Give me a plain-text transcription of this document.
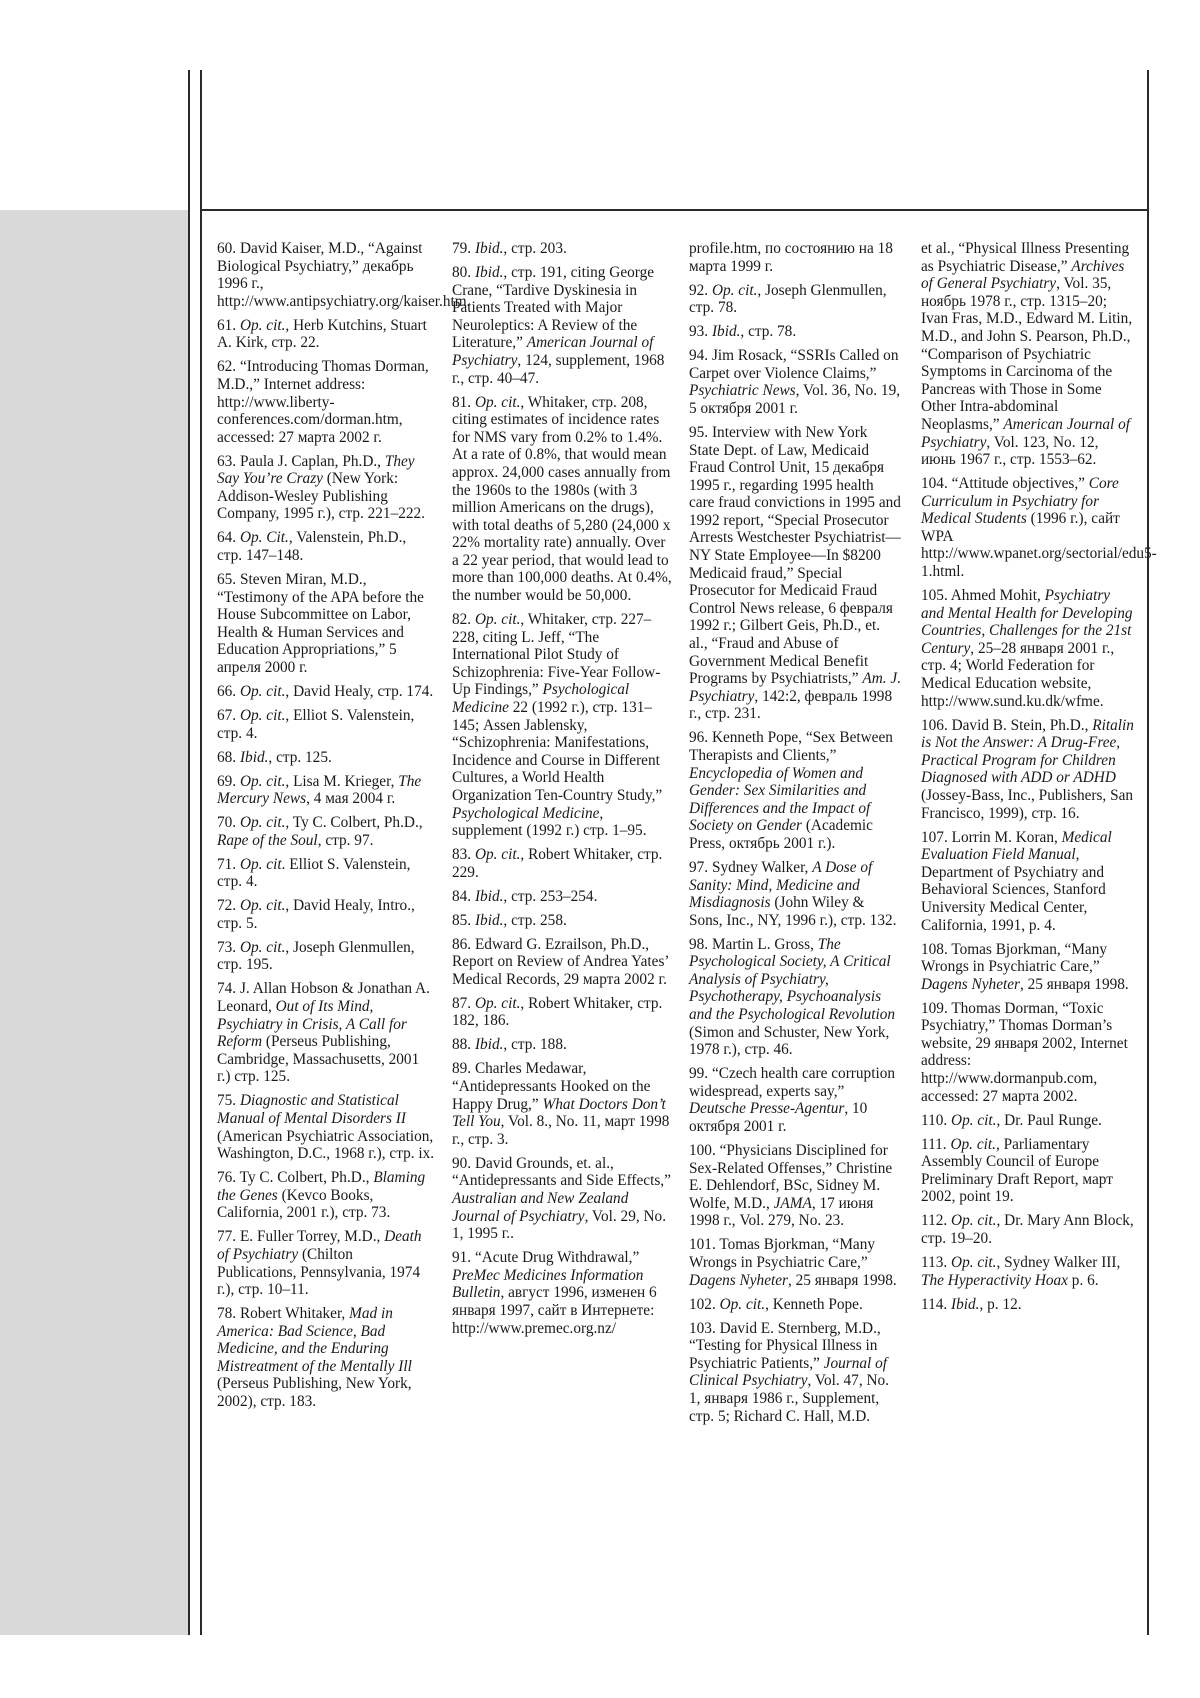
60. David Kaiser, M.D., “Against Biological Psychiatry,” декабрь 1996 г., http://www.antipsychiatry.org/kaiser.htm.

61. Op. cit., Herb Kutchins, Stuart A. Kirk, стр. 22.

62. “Introducing Thomas Dorman, M.D.,” Internet address: http://www.liberty-conferences.com/dorman.htm, accessed: 27 марта 2002 г.

63. Paula J. Caplan, Ph.D., They Say You’re Crazy (New York: Addison-Wesley Publishing Company, 1995 г.), стр. 221–222.

64. Op. Cit., Valenstein, Ph.D., стр. 147–148.

65. Steven Miran, M.D., “Testimony of the APA before the House Subcommittee on Labor, Health & Human Services and Education Appropriations,” 5 апреля 2000 г.

66. Op. cit., David Healy, стр. 174.

67. Op. cit., Elliot S. Valenstein, стр. 4.

68. Ibid., стр. 125.

69. Op. cit., Lisa M. Krieger, The Mercury News, 4 мая 2004 г.

70. Op. cit., Ty C. Colbert, Ph.D., Rape of the Soul, стр. 97.

71. Op. cit. Elliot S. Valenstein, стр. 4.

72. Op. cit., David Healy, Intro., стр. 5.

73. Op. cit., Joseph Glenmullen, стр. 195.

74. J. Allan Hobson & Jonathan A. Leonard, Out of Its Mind, Psychiatry in Crisis, A Call for Reform (Perseus Publishing, Cambridge, Massachusetts, 2001 г.) стр. 125.

75. Diagnostic and Statistical Manual of Mental Disorders II (American Psychiatric Association, Washington, D.C., 1968 г.), стр. ix.

76. Ty C. Colbert, Ph.D., Blaming the Genes (Kevco Books, California, 2001 г.), стр. 73.

77. E. Fuller Torrey, M.D., Death of Psychiatry (Chilton Publications, Pennsylvania, 1974 г.), стр. 10–11.

78. Robert Whitaker, Mad in America: Bad Science, Bad Medicine, and the Enduring Mistreatment of the Mentally Ill (Perseus Publishing, New York, 2002), стр. 183.

79. Ibid., стр. 203.

80. Ibid., стр. 191, citing George Crane, “Tardive Dyskinesia in Patients Treated with Major Neuroleptics: A Review of the Literature,” American Journal of Psychiatry, 124, supplement, 1968 г., стр. 40–47.

81. Op. cit., Whitaker, стр. 208, citing estimates of incidence rates for NMS vary from 0.2% to 1.4%. At a rate of 0.8%, that would mean approx. 24,000 cases annually from the 1960s to the 1980s (with 3 million Americans on the drugs), with total deaths of 5,280 (24,000 x 22% mortality rate) annually. Over a 22 year period, that would lead to more than 100,000 deaths. At 0.4%, the number would be 50,000.

82. Op. cit., Whitaker, стр. 227–228, citing L. Jeff, “The International Pilot Study of Schizophrenia: Five-Year Follow-Up Findings,” Psychological Medicine 22 (1992 г.), стр. 131–145; Assen Jablensky, “Schizophrenia: Manifestations, Incidence and Course in Different Cultures, a World Health Organization Ten-Country Study,” Psychological Medicine, supplement (1992 г.) стр. 1–95.

83. Op. cit., Robert Whitaker, стр. 229.

84. Ibid., стр. 253–254.

85. Ibid., стр. 258.

86. Edward G. Ezrailson, Ph.D., Report on Review of Andrea Yates’ Medical Records, 29 марта 2002 г.

87. Op. cit., Robert Whitaker, стр. 182, 186.

88. Ibid., стр. 188.

89. Charles Medawar, “Antidepressants Hooked on the Happy Drug,” What Doctors Don’t Tell You, Vol. 8., No. 11, март 1998 г., стр. 3.

90. David Grounds, et. al., “Antidepressants and Side Effects,” Australian and New Zealand Journal of Psychiatry, Vol. 29, No. 1, 1995 г..

91. “Acute Drug Withdrawal,” PreMec Medicines Information Bulletin, август 1996, изменен 6 января 1997, сайт в Интернете: http://www.premec.org.nz/

profile.htm, по состоянию на 18 марта 1999 г.

92. Op. cit., Joseph Glenmullen, стр. 78.

93. Ibid., стр. 78.

94. Jim Rosack, “SSRIs Called on Carpet over Violence Claims,” Psychiatric News, Vol. 36, No. 19, 5 октября 2001 г.

95. Interview with New York State Dept. of Law, Medicaid Fraud Control Unit, 15 декабря 1995 г., regarding 1995 health care fraud convictions in 1995 and 1992 report, “Special Prosecutor Arrests Westchester Psychiatrist—NY State Employee—In $8200 Medicaid fraud,” Special Prosecutor for Medicaid Fraud Control News release, 6 февраля 1992 г.; Gilbert Geis, Ph.D., et. al., “Fraud and Abuse of Government Medical Benefit Programs by Psychiatrists,” Am. J. Psychiatry, 142:2, февраль 1998 г., стр. 231.

96. Kenneth Pope, “Sex Between Therapists and Clients,” Encyclopedia of Women and Gender: Sex Similarities and Differences and the Impact of Society on Gender (Academic Press, октябрь 2001 г.).

97. Sydney Walker, A Dose of Sanity: Mind, Medicine and Misdiagnosis (John Wiley & Sons, Inc., NY, 1996 г.), стр. 132.

98. Martin L. Gross, The Psychological Society, A Critical Analysis of Psychiatry, Psychotherapy, Psychoanalysis and the Psychological Revolution (Simon and Schuster, New York, 1978 г.), стр. 46.

99. “Czech health care corruption widespread, experts say,” Deutsche Presse-Agentur, 10 октября 2001 г.

100. “Physicians Disciplined for Sex-Related Offenses,” Christine E. Dehlendorf, BSc, Sidney M. Wolfe, M.D., JAMA, 17 июня 1998 г., Vol. 279, No. 23.

101. Tomas Bjorkman, “Many Wrongs in Psychiatric Care,” Dagens Nyheter, 25 января 1998.

102. Op. cit., Kenneth Pope.

103. David E. Sternberg, M.D., “Testing for Physical Illness in Psychiatric Patients,” Journal of Clinical Psychiatry, Vol. 47, No. 1, января 1986 г., Supplement, стр. 5; Richard C. Hall, M.D.

et al., “Physical Illness Presenting as Psychiatric Disease,” Archives of General Psychiatry, Vol. 35, ноябрь 1978 г., стр. 1315–20; Ivan Fras, M.D., Edward M. Litin, M.D., and John S. Pearson, Ph.D., “Comparison of Psychiatric Symptoms in Carcinoma of the Pancreas with Those in Some Other Intra-abdominal Neoplasms,” American Journal of Psychiatry, Vol. 123, No. 12, июнь 1967 г., стр. 1553–62.

104. “Attitude objectives,” Core Curriculum in Psychiatry for Medical Students (1996 г.), сайт WPA http://www.wpanet.org/sectorial/edu5-1.html.

105. Ahmed Mohit, Psychiatry and Mental Health for Developing Countries, Challenges for the 21st Century, 25–28 января 2001 г., стр. 4; World Federation for Medical Education website, http://www.sund.ku.dk/wfme.

106. David B. Stein, Ph.D., Ritalin is Not the Answer: A Drug-Free, Practical Program for Children Diagnosed with ADD or ADHD (Jossey-Bass, Inc., Publishers, San Francisco, 1999), стр. 16.

107. Lorrin M. Koran, Medical Evaluation Field Manual, Department of Psychiatry and Behavioral Sciences, Stanford University Medical Center, California, 1991, p. 4.

108. Tomas Bjorkman, “Many Wrongs in Psychiatric Care,” Dagens Nyheter, 25 января 1998.

109. Thomas Dorman, “Toxic Psychiatry,” Thomas Dorman’s website, 29 января 2002, Internet address: http://www.dormanpub.com, accessed: 27 марта 2002.

110. Op. cit., Dr. Paul Runge.

111. Op. cit., Parliamentary Assembly Council of Europe Preliminary Draft Report, март 2002, point 19.

112. Op. cit., Dr. Mary Ann Block, стр. 19–20.

113. Op. cit., Sydney Walker III, The Hyperactivity Hoax p. 6.

114. Ibid., p. 12.
